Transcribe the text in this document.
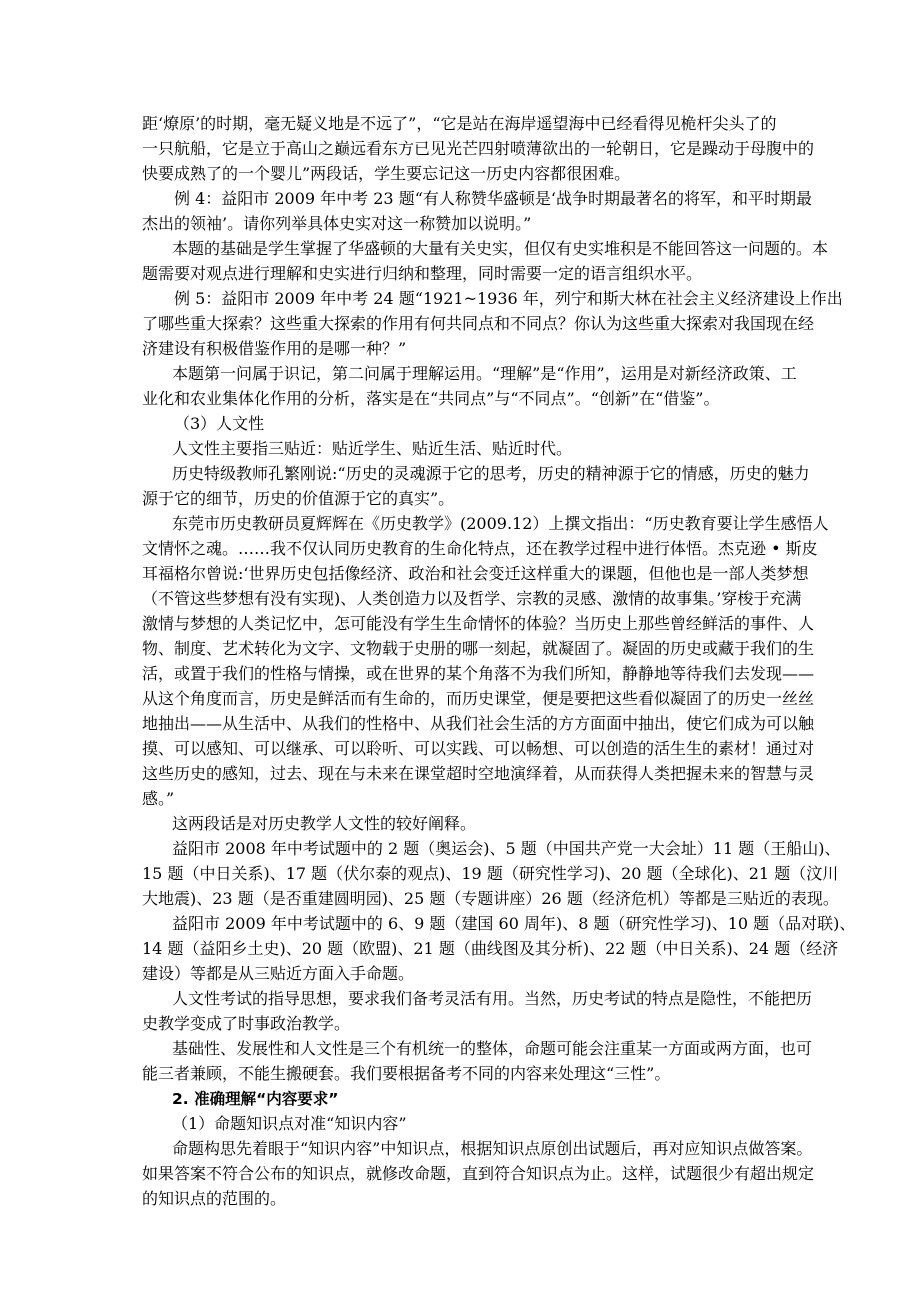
距‘燎原’的时期，毫无疑义地是不远了”，“它是站在海岸遥望海中已经看得见桅杆尖头了的
一只航船，它是立于高山之巅远看东方已见光芒四射喷薄欲出的一轮朝日，它是躁动于母腹中的
快要成熟了的一个婴儿”两段话，学生要忘记这一历史内容都很困难。
例 4：益阳市 2009 年中考 23 题“有人称赞华盛顿是‘战争时期最著名的将军，和平时期最
杰出的领袖’。请你列举具体史实对这一称赞加以说明。”
本题的基础是学生掌握了华盛顿的大量有关史实，但仅有史实堆积是不能回答这一问题的。本
题需要对观点进行理解和史实进行归纳和整理，同时需要一定的语言组织水平。
例 5：益阳市 2009 年中考 24 题“1921~1936 年，列宁和斯大林在社会主义经济建设上作出
了哪些重大探索？这些重大探索的作用有何共同点和不同点？你认为这些重大探索对我国现在经
济建设有积极借鉴作用的是哪一种？”
本题第一问属于识记，第二问属于理解运用。“理解”是“作用”，运用是对新经济政策、工
业化和农业集体化作用的分析，落实是在“共同点”与“不同点”。“创新”在“借鉴”。
（3）人文性
人文性主要指三贴近：贴近学生、贴近生活、贴近时代。
历史特级教师孔繁刚说:“历史的灵魂源于它的思考，历史的精神源于它的情感，历史的魅力
源于它的细节，历史的价值源于它的真实”。
东莞市历史教研员夏辉辉在《历史教学》(2009.12）上撰文指出：“历史教育要让学生感悟人
文情怀之魂。……我不仅认同历史教育的生命化特点，还在教学过程中进行体悟。杰克逊 • 斯皮
耳福格尔曾说:‘世界历史包括像经济、政治和社会变迁这样重大的课题，但他也是一部人类梦想
（不管这些梦想有没有实现)、人类创造力以及哲学、宗教的灵感、激情的故事集。’穿梭于充满
激情与梦想的人类记忆中，怎可能没有学生生命情怀的体验？当历史上那些曾经鲜活的事件、人
物、制度、艺术转化为文字、文物载于史册的哪一刻起，就凝固了。凝固的历史或藏于我们的生
活，或置于我们的性格与情操，或在世界的某个角落不为我们所知，静静地等待我们去发现——
从这个角度而言，历史是鲜活而有生命的，而历史课堂，便是要把这些看似凝固了的历史一丝丝
地抽出——从生活中、从我们的性格中、从我们社会生活的方方面面中抽出，使它们成为可以触
摸、可以感知、可以继承、可以聆听、可以实践、可以畅想、可以创造的活生生的素材！通过对
这些历史的感知，过去、现在与未来在课堂超时空地演绎着，从而获得人类把握未来的智慧与灵
感。”
这两段话是对历史教学人文性的较好阐释。
益阳市 2008 年中考试题中的 2 题（奥运会)、5 题（中国共产党一大会址）11 题（王船山)、
15 题（中日关系)、17 题（伏尔泰的观点)、19 题（研究性学习)、20 题（全球化)、21 题（汶川
大地震)、23 题（是否重建圆明园)、25 题（专题讲座）26 题（经济危机）等都是三贴近的表现。
益阳市 2009 年中考试题中的 6、9 题（建国 60 周年)、8 题（研究性学习)、10 题（品对联)、
14 题（益阳乡土史)、20 题（欧盟)、21 题（曲线图及其分析)、22 题（中日关系)、24 题（经济
建设）等都是从三贴近方面入手命题。
人文性考试的指导思想，要求我们备考灵活有用。当然，历史考试的特点是隐性，不能把历
史教学变成了时事政治教学。
基础性、发展性和人文性是三个有机统一的整体，命题可能会注重某一方面或两方面，也可
能三者兼顾，不能生搬硬套。我们要根据备考不同的内容来处理这“三性”。
2. 准确理解“内容要求”
（1）命题知识点对准“知识内容”
命题构思先着眼于“知识内容”中知识点，根据知识点原创出试题后，再对应知识点做答案。
如果答案不符合公布的知识点，就修改命题，直到符合知识点为止。这样，试题很少有超出规定
的知识点的范围的。
